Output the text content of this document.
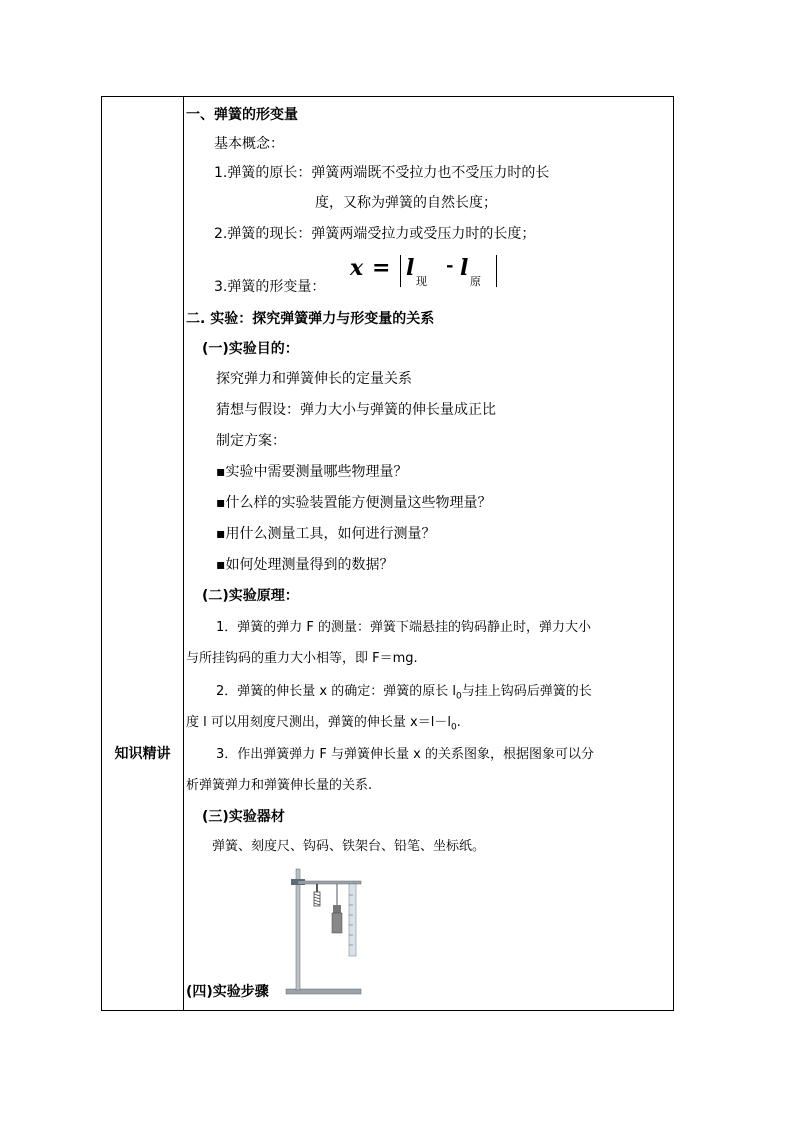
知识精讲
一、弹簧的形变量
基本概念：
1.弹簧的原长：弹簧两端既不受拉力也不受压力时的长
度，又称为弹簧的自然长度；
2.弹簧的现长：弹簧两端受拉力或受压力时的长度；
3.弹簧的形变量：
x = l
现
- l
原
二. 实验：探究弹簧弹力与形变量的关系
(一)实验目的：
探究弹力和弹簧伸长的定量关系
猜想与假设：弹力大小与弹簧的伸长量成正比
制定方案：
▪实验中需要测量哪些物理量？
▪什么样的实验装置能方便测量这些物理量？
▪用什么测量工具，如何进行测量？
▪如何处理测量得到的数据？
(二)实验原理：
1．弹簧的弹力 F 的测量：弹簧下端悬挂的钩码静止时，弹力大小
与所挂钩码的重力大小相等，即 F＝mg.
2．弹簧的伸长量 x 的确定：弹簧的原长 $l_0$与挂上钩码后弹簧的长
度 l 可以用刻度尺测出，弹簧的伸长量 $x=l-l_0$.
3．作出弹簧弹力 F 与弹簧伸长量 x 的关系图象，根据图象可以分
析弹簧弹力和弹簧伸长量的关系.
(三)实验器材
弹簧、刻度尺、钩码、铁架台、铅笔、坐标纸。
(四)实验步骤
